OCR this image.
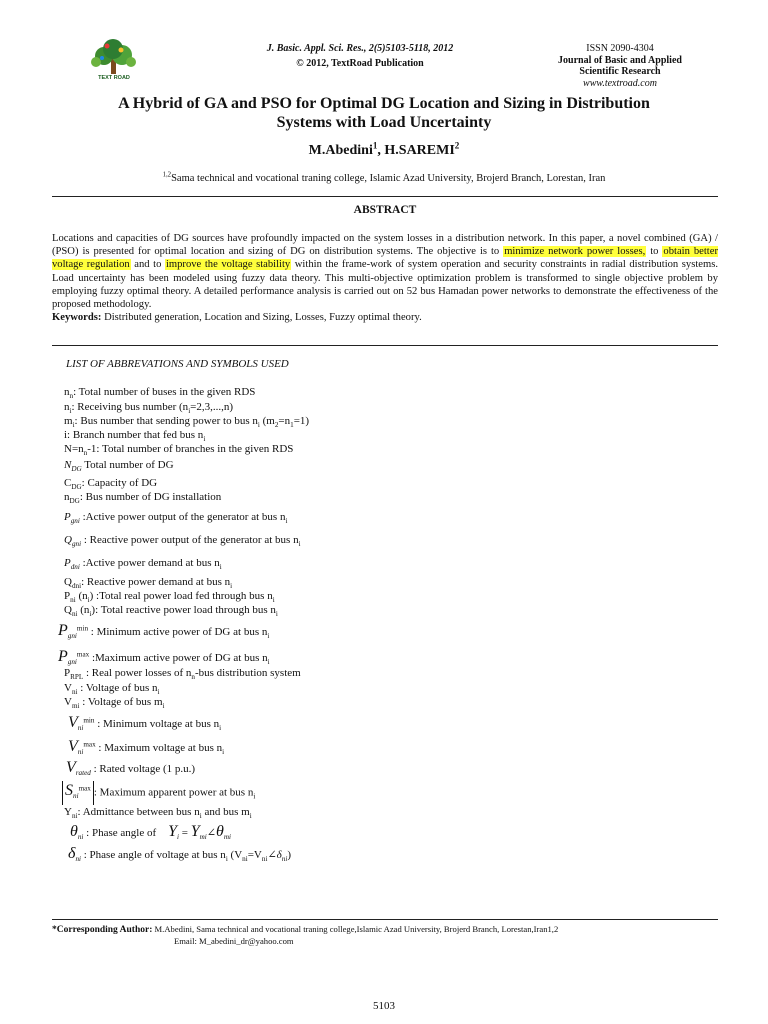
TEXT ROAD
J. Basic. Appl. Sci. Res., 2(5)5103-5118, 2012
© 2012, TextRoad Publication
ISSN 2090-4304
Journal of Basic and Applied
Scientific Research
www.textroad.com
A Hybrid of GA and PSO for Optimal DG Location and Sizing in Distribution
Systems with Load Uncertainty
M.Abedini$^1$, H.SAREMI$^2$
$^{1,2}$Sama technical and vocational traning college, Islamic Azad University, Brojerd Branch, Lorestan, Iran
ABSTRACT
Locations and capacities of DG sources have profoundly impacted on the system losses in a distribution network. In this paper, a novel combined (GA) / (PSO) is presented for optimal location and sizing of DG on distribution systems. The objective is to minimize network power losses, to obtain better voltage regulation and to improve the voltage stability within the frame-work of system operation and security constraints in radial distribution systems. Load uncertainty has been modeled using fuzzy data theory. This multi-objective optimization problem is transformed to single objective problem by employing fuzzy optimal theory. A detailed performance analysis is carried out on 52 bus Hamadan power networks to demonstrate the effectiveness of the proposed methodology.
Keywords: Distributed generation, Location and Sizing, Losses, Fuzzy optimal theory.
LIST OF ABBREVATIONS AND SYMBOLS USED
$n_n$: Total number of buses in the given RDS
$n_i$: Receiving bus number $(n_i=2,3,...,n)$
$m_i$: Bus number that sending power to bus $n_i$ $(m_2=n_1=1)$
i: Branch number that fed bus $n_i$
$N=n_n-1$: Total number of branches in the given RDS
$N_{DG}$ Total number of DG
$C_{DG}$: Capacity of DG
$n_{DG}$: Bus number of DG installation
$P_{gni}$ :Active power output of the generator at bus $n_i$
$Q_{gni}$ : Reactive power output of the generator at bus $n_i$
$P_{dni}$ :Active power demand at bus $n_i$
$Q_{dni}$: Reactive power demand at bus $n_i$
$P_{ni}$ $(n_i)$ :Total real power load fed through bus $n_i$
$Q_{ni}$ $(n_i)$: Total reactive power load through bus $n_i$
$P_{gni}^{min}$ : Minimum active power of DG at bus $n_i$
$P_{gni}^{max}$ :Maximum active power of DG at bus $n_i$
$P_{RPL}$ : Real power losses of $n_n$-bus distribution system
$V_{ni}$ : Voltage of bus $n_i$
$V_{mi}$ : Voltage of bus $m_i$
$V_{ni}^{min}$ : Minimum voltage at bus $n_i$
$V_{ni}^{max}$ : Maximum voltage at bus $n_i$
$V_{rated}$ : Rated voltage (1 p.u.)
$S_{ni}^{max}$ : Maximum apparent power at bus $n_i$
$Y_{ni}$: Admittance between bus $n_i$ and bus $m_i$
$\theta_{ni}$ : Phase angle of $Y_i$ = $Y_{mi}\angle\theta_{mi}$
$\delta_{ni}$ : Phase angle of voltage at bus $n_i$ $(V_{ni}=V_{ni}\angle\delta_{ni})$
*Corresponding Author: M.Abedini, Sama technical and vocational traning college,Islamic Azad University, Brojerd Branch, Lorestan,Iran1,2
Email: M_abedini_dr@yahoo.com
5103
